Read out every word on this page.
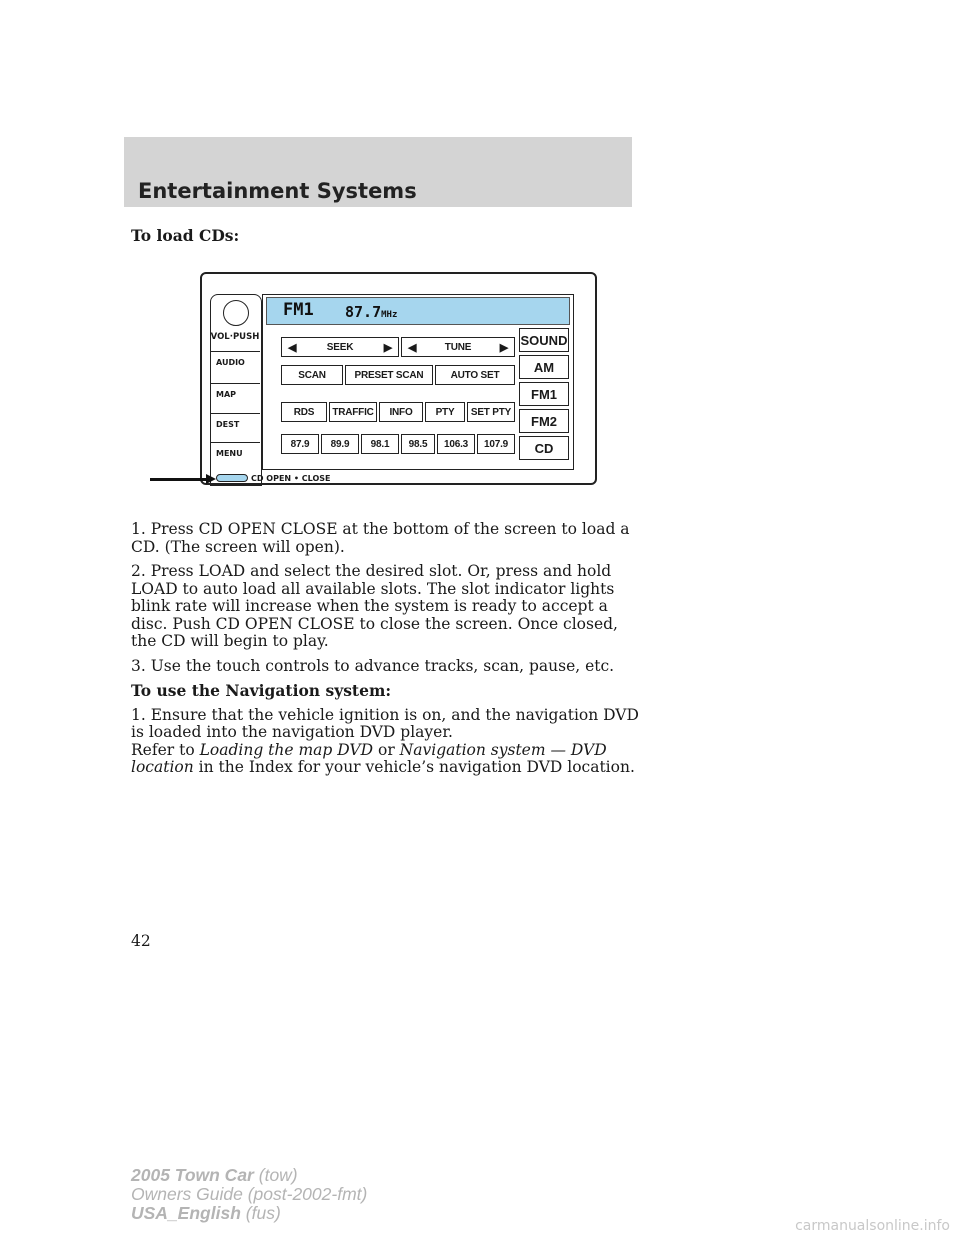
Entertainment Systems

To load CDs:

VOL·PUSH
AUDIO
MAP
DEST
MENU
FM1 87.7MHz
◀	SEEK	▶	◀	TUNE	▶
SCAN	PRESET SCAN	AUTO SET
RDS	TRAFFIC	INFO	PTY	SET PTY
87.9	89.9	98.1	98.5	106.3	107.9
SOUND
AM
FM1
FM2
CD
CD OPEN • CLOSE

1. Press CD OPEN CLOSE at the bottom of the screen to load a CD. (The screen will open).

2. Press LOAD and select the desired slot. Or, press and hold LOAD to auto load all available slots. The slot indicator lights blink rate will increase when the system is ready to accept a disc. Push CD OPEN CLOSE to close the screen. Once closed, the CD will begin to play.

3. Use the touch controls to advance tracks, scan, pause, etc.

To use the Navigation system:

1. Ensure that the vehicle ignition is on, and the navigation DVD is loaded into the navigation DVD player.

Refer to Loading the map DVD or Navigation system — DVD location in the Index for your vehicle’s navigation DVD location.

42
2005 Town Car (tow)
Owners Guide (post-2002-fmt)
USA_English (fus)
carmanualsonline.info
